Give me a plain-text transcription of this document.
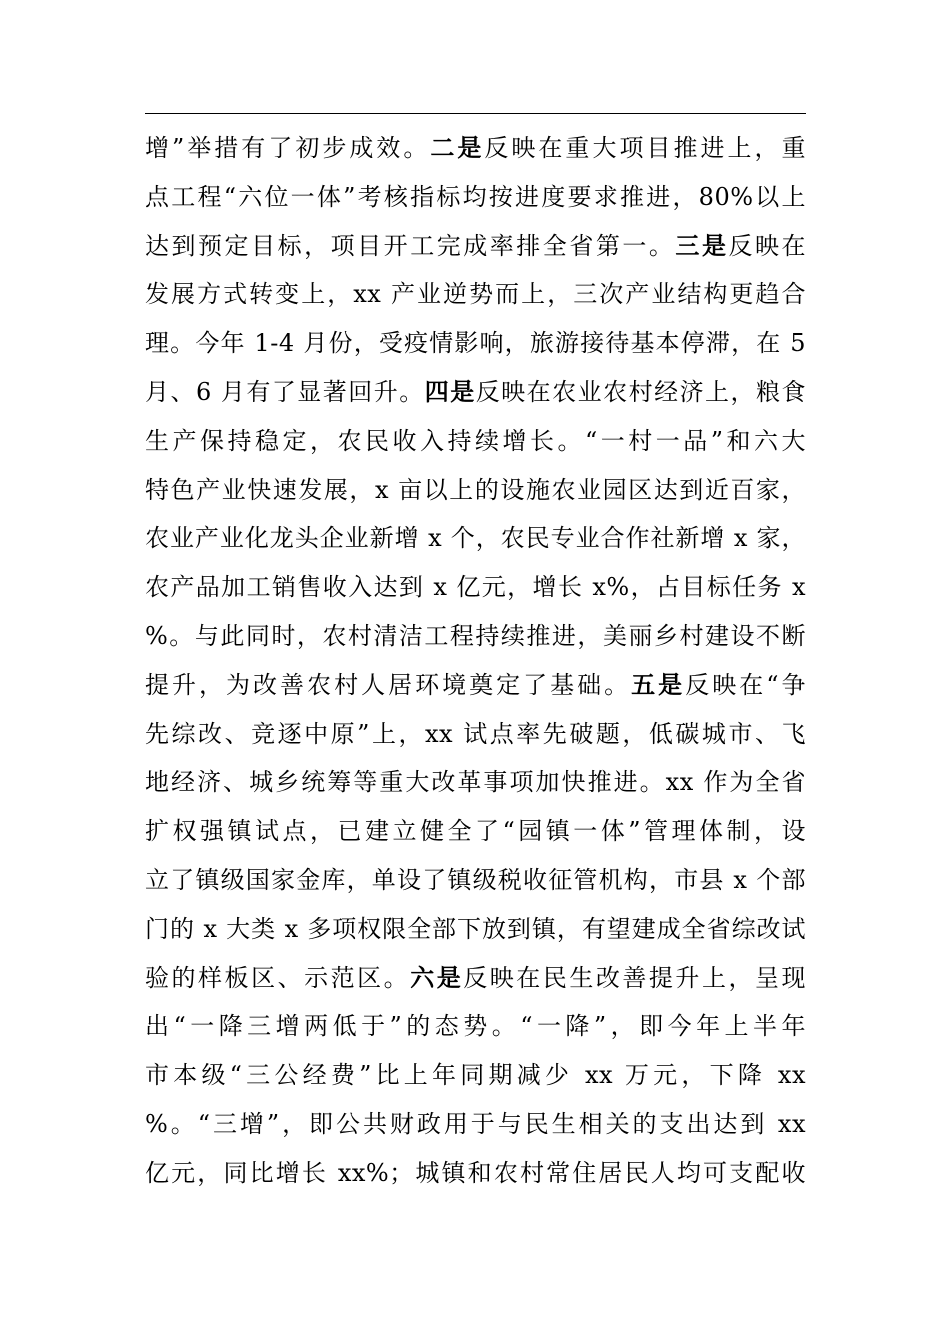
增”举措有了初步成效。二是反映在重大项目推进上，重
点工程“六位一体”考核指标均按进度要求推进，80%以上
达到预定目标，项目开工完成率排全省第一。三是反映在
发展方式转变上，xx 产业逆势而上，三次产业结构更趋合
理。今年 1-4 月份，受疫情影响，旅游接待基本停滞，在 5
月、6 月有了显著回升。四是反映在农业农村经济上，粮食
生产保持稳定，农民收入持续增长。“一村一品”和六大
特色产业快速发展，x 亩以上的设施农业园区达到近百家，
农业产业化龙头企业新增 x 个，农民专业合作社新增 x 家，
农产品加工销售收入达到 x 亿元，增长 x%，占目标任务 x
%。与此同时，农村清洁工程持续推进，美丽乡村建设不断
提升，为改善农村人居环境奠定了基础。五是反映在“争
先综改、竞逐中原”上，xx 试点率先破题，低碳城市、飞
地经济、城乡统筹等重大改革事项加快推进。xx 作为全省
扩权强镇试点，已建立健全了“园镇一体”管理体制，设
立了镇级国家金库，单设了镇级税收征管机构，市县 x 个部
门的 x 大类 x 多项权限全部下放到镇，有望建成全省综改试
验的样板区、示范区。六是反映在民生改善提升上，呈现
出“一降三增两低于”的态势。“一降”，即今年上半年
市本级“三公经费”比上年同期减少 xx 万元，下降 xx
%。“三增”，即公共财政用于与民生相关的支出达到 xx
亿元，同比增长 xx%；城镇和农村常住居民人均可支配收
